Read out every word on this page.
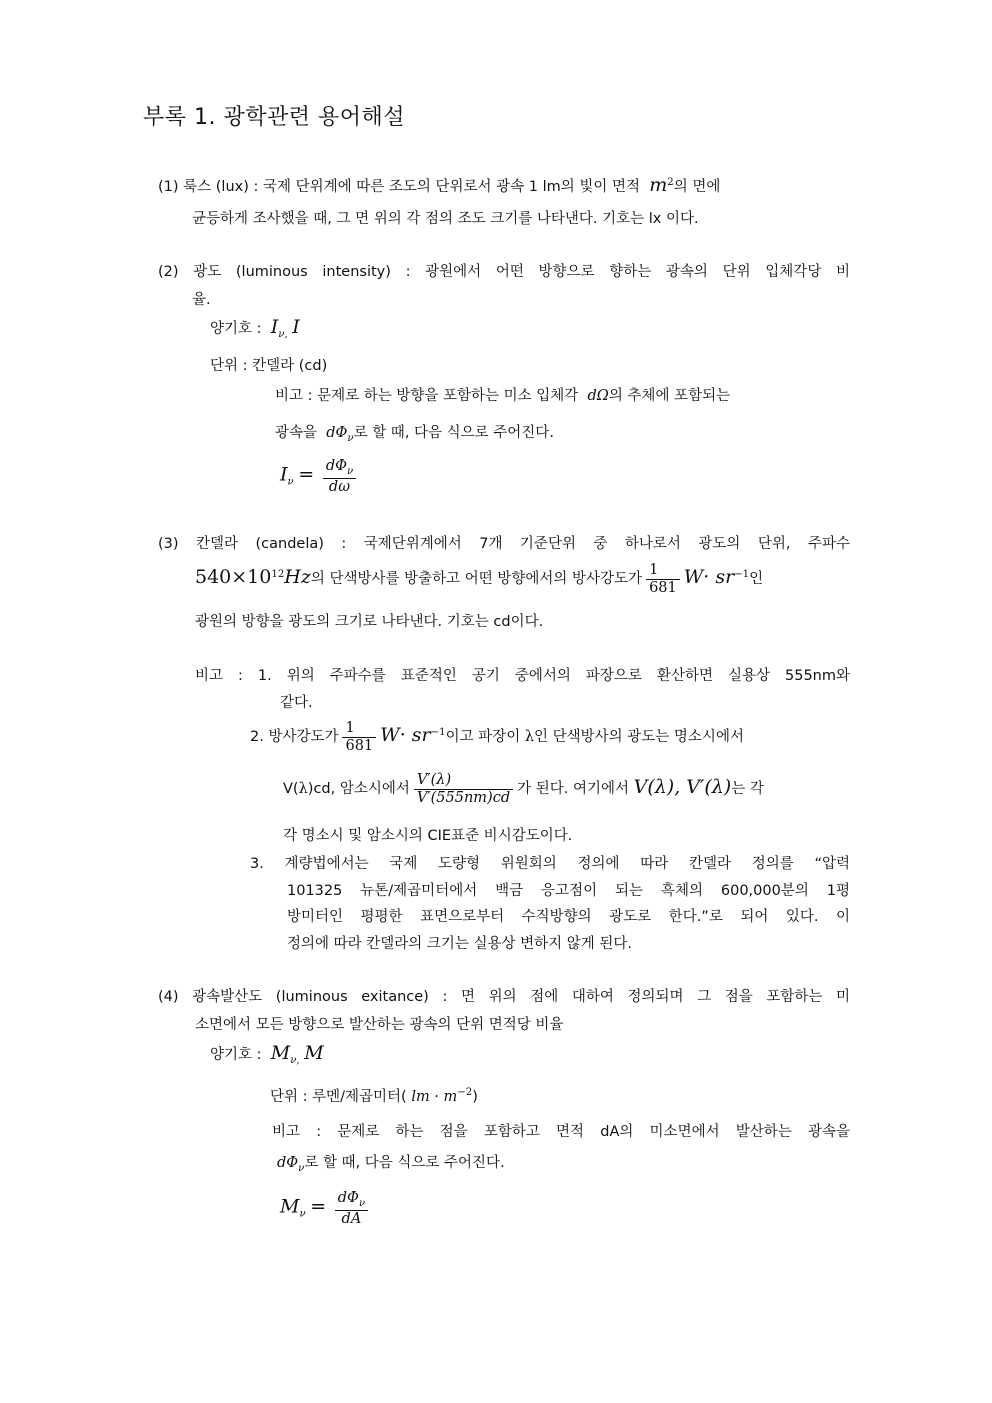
부록 1. 광학관련 용어해설
(1) 룩스 (lux) : 국제 단위계에 따른 조도의 단위로서 광속 1 lm의 빛이 면적 $m^2$의 면에
균등하게 조사했을 때, 그 면 위의 각 점의 조도 크기를 나타낸다. 기호는 lx 이다.
(2) 광도 (luminous intensity) : 광원에서 어떤 방향으로 향하는 광속의 단위 입체각당 비
율.
양기호 : $I_{\nu,}$ I
단위 : 칸델라 (cd)
비고 : 문제로 하는 방향을 포함하는 미소 입체각 dΩ의 추체에 포함되는
광속을 $d\Phi_\nu$로 할 때, 다음 식으로 주어진다.
$I_\nu = \frac{d\Phi_\nu}{d\omega}$
(3) 칸델라 (candela) : 국제단위계에서 7개 기준단위 중 하나로서 광도의 단위, 주파수
$540\times 10^{12}Hz$의 단색방사를 방출하고 어떤 방향에서의 방사강도가 $\frac{1}{681} W\cdot sr^{-1}$인
광원의 방향을 광도의 크기로 나타낸다. 기호는 cd이다.
비고 : 1. 위의 주파수를 표준적인 공기 중에서의 파장으로 환산하면 실용상 555nm와
같다.
2. 방사강도가 $\frac{1}{681} W\cdot sr^{-1}$이고 파장이 λ인 단색방사의 광도는 명소시에서
V(λ)cd, 암소시에서 $\frac{V'(\lambda)}{V'(555nm)cd}$ 가 된다. 여기에서 V(λ), V′(λ)는 각
각 명소시 및 암소시의 CIE표준 비시감도이다.
3. 계량법에서는 국제 도량형 위원회의 정의에 따라 칸델라 정의를 “압력
101325 뉴톤/제곱미터에서 백금 응고점이 되는 흑체의 600,000분의 1평
방미터인 평평한 표면으로부터 수직방향의 광도로 한다.”로 되어 있다. 이
정의에 따라 칸델라의 크기는 실용상 변하지 않게 된다.
(4) 광속발산도 (luminous exitance) : 면 위의 점에 대하여 정의되며 그 점을 포함하는 미
소면에서 모든 방향으로 발산하는 광속의 단위 면적당 비율
양기호 : $M_{\nu,}$ M
단위 : 루멘/제곱미터( lm · $m^{-2}$)
비고 : 문제로 하는 점을 포함하고 면적 dA의 미소면에서 발산하는 광속을
$d\Phi_\nu$로 할 때, 다음 식으로 주어진다.
$M_\nu = \frac{d\Phi_\nu}{dA}$
